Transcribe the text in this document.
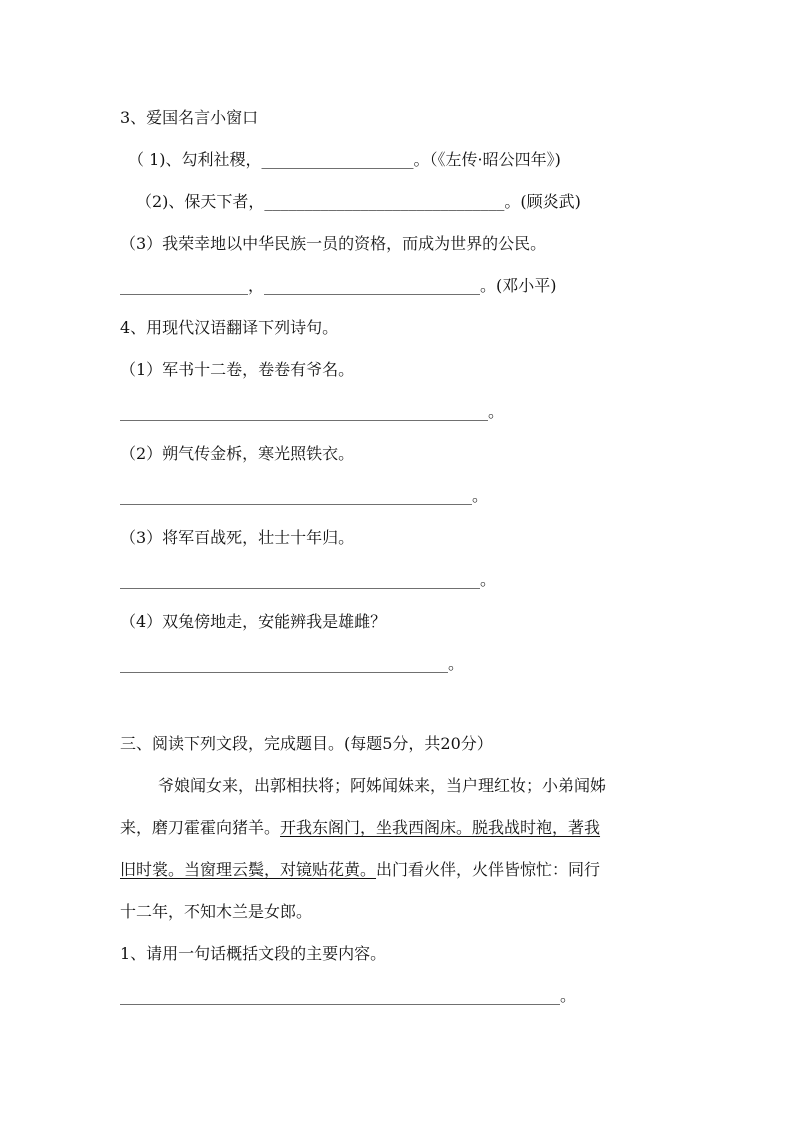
3、爱国名言小窗口
（ 1)、勾利社稷，___________________。（《左传·昭公四年》)
（2)、保天下者，______________________________。(顾炎武)
（3）我荣幸地以中华民族一员的资格，而成为世界的公民。
________________，___________________________。(邓小平)
4、用现代汉语翻译下列诗句。
（1）军书十二卷，卷卷有爷名。
______________________________________________。
（2）朔气传金柝，寒光照铁衣。
____________________________________________。
（3）将军百战死，壮士十年归。
_____________________________________________。
（4）双兔傍地走，安能辨我是雄雌？
_________________________________________。
三、阅读下列文段，完成题目。(每题5分，共20分）
爷娘闻女来，出郭相扶将；阿姊闻妹来，当户理红妆；小弟闻姊
来，磨刀霍霍向猪羊。开我东阁门，坐我西阁床。脱我战时袍，著我
旧时裳。当窗理云鬓，对镜贴花黄。出门看火伴，火伴皆惊忙：同行
十二年，不知木兰是女郎。
1、请用一句话概括文段的主要内容。
_______________________________________________________。
